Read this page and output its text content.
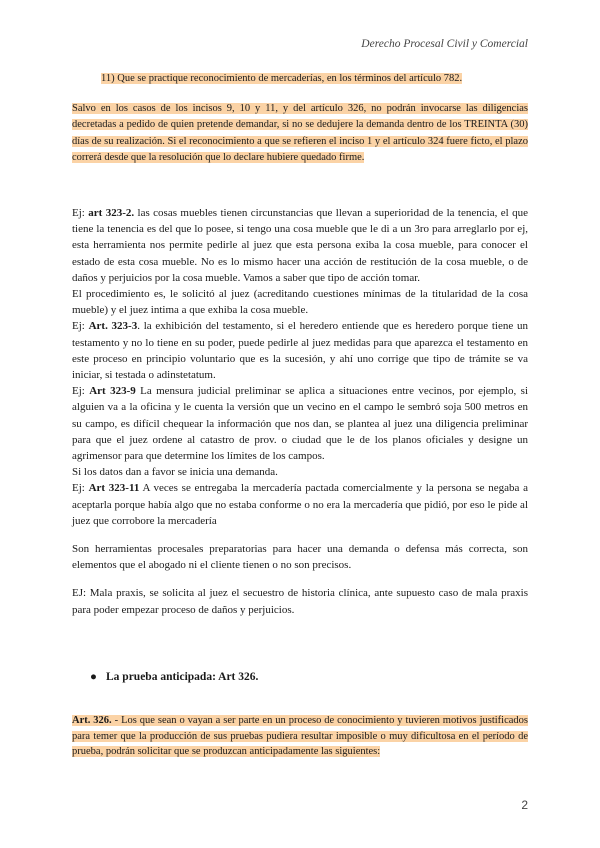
Derecho Procesal Civil y Comercial
11) Que se practique reconocimiento de mercaderías, en los términos del artículo 782.
Salvo en los casos de los incisos 9, 10 y 11, y del artículo 326, no podrán invocarse las diligencias decretadas a pedido de quien pretende demandar, si no se dedujere la demanda dentro de los TREINTA (30) días de su realización. Si el reconocimiento a que se refieren el inciso 1 y el artículo 324 fuere ficto, el plazo correrá desde que la resolución que lo declare hubiere quedado firme.

Ej: art 323-2. las cosas muebles tienen circunstancias que llevan a superioridad de la tenencia, el que tiene la tenencia es del que lo posee, si tengo una cosa mueble que le di a un 3ro para arreglarlo por ej, esta herramienta nos permite pedirle al juez que esta persona exiba la cosa mueble, para conocer el estado de esta cosa mueble. No es lo mismo hacer una acción de restitución de la cosa mueble, o de daños y perjuicios por la cosa mueble. Vamos a saber que tipo de acción tomar.

El procedimiento es, le solicitó al juez (acreditando cuestiones mínimas de la titularidad de la cosa mueble) y el juez intima a que exhiba la cosa mueble.

Ej: Art. 323-3. la exhibición del testamento, si el heredero entiende que es heredero porque tiene un testamento y no lo tiene en su poder, puede pedirle al juez medidas para que aparezca el testamento en este proceso en principio voluntario que es la sucesión, y ahí uno corrige que tipo de trámite se va iniciar, si testada o adinstetatum.

Ej: Art 323-9 La mensura judicial preliminar se aplica a situaciones entre vecinos, por ejemplo, si alguien va a la oficina y le cuenta la versión que un vecino en el campo le sembró soja 500 metros en su campo, es difícil chequear la información que nos dan, se plantea al juez una diligencia preliminar para que el juez ordene al catastro de prov. o ciudad que le de los planos oficiales y designe un agrimensor para que determine los límites de los campos.

Si los datos dan a favor se inicia una demanda.

Ej: Art 323-11 A veces se entregaba la mercadería pactada comercialmente y la persona se negaba a aceptarla porque había algo que no estaba conforme o no era la mercadería que pidió, por eso le pide al juez que corrobore la mercadería

Son herramientas procesales preparatorias para hacer una demanda o defensa más correcta, son elementos que el abogado ni el cliente tienen o no son precisos.

EJ: Mala praxis, se solicita al juez el secuestro de historia clínica, ante supuesto caso de mala praxis para poder empezar proceso de daños y perjuicios.

● La prueba anticipada: Art 326.
Art. 326. - Los que sean o vayan a ser parte en un proceso de conocimiento y tuvieren motivos justificados para temer que la producción de sus pruebas pudiera resultar imposible o muy dificultosa en el período de prueba, podrán solicitar que se produzcan anticipadamente las siguientes:
2
